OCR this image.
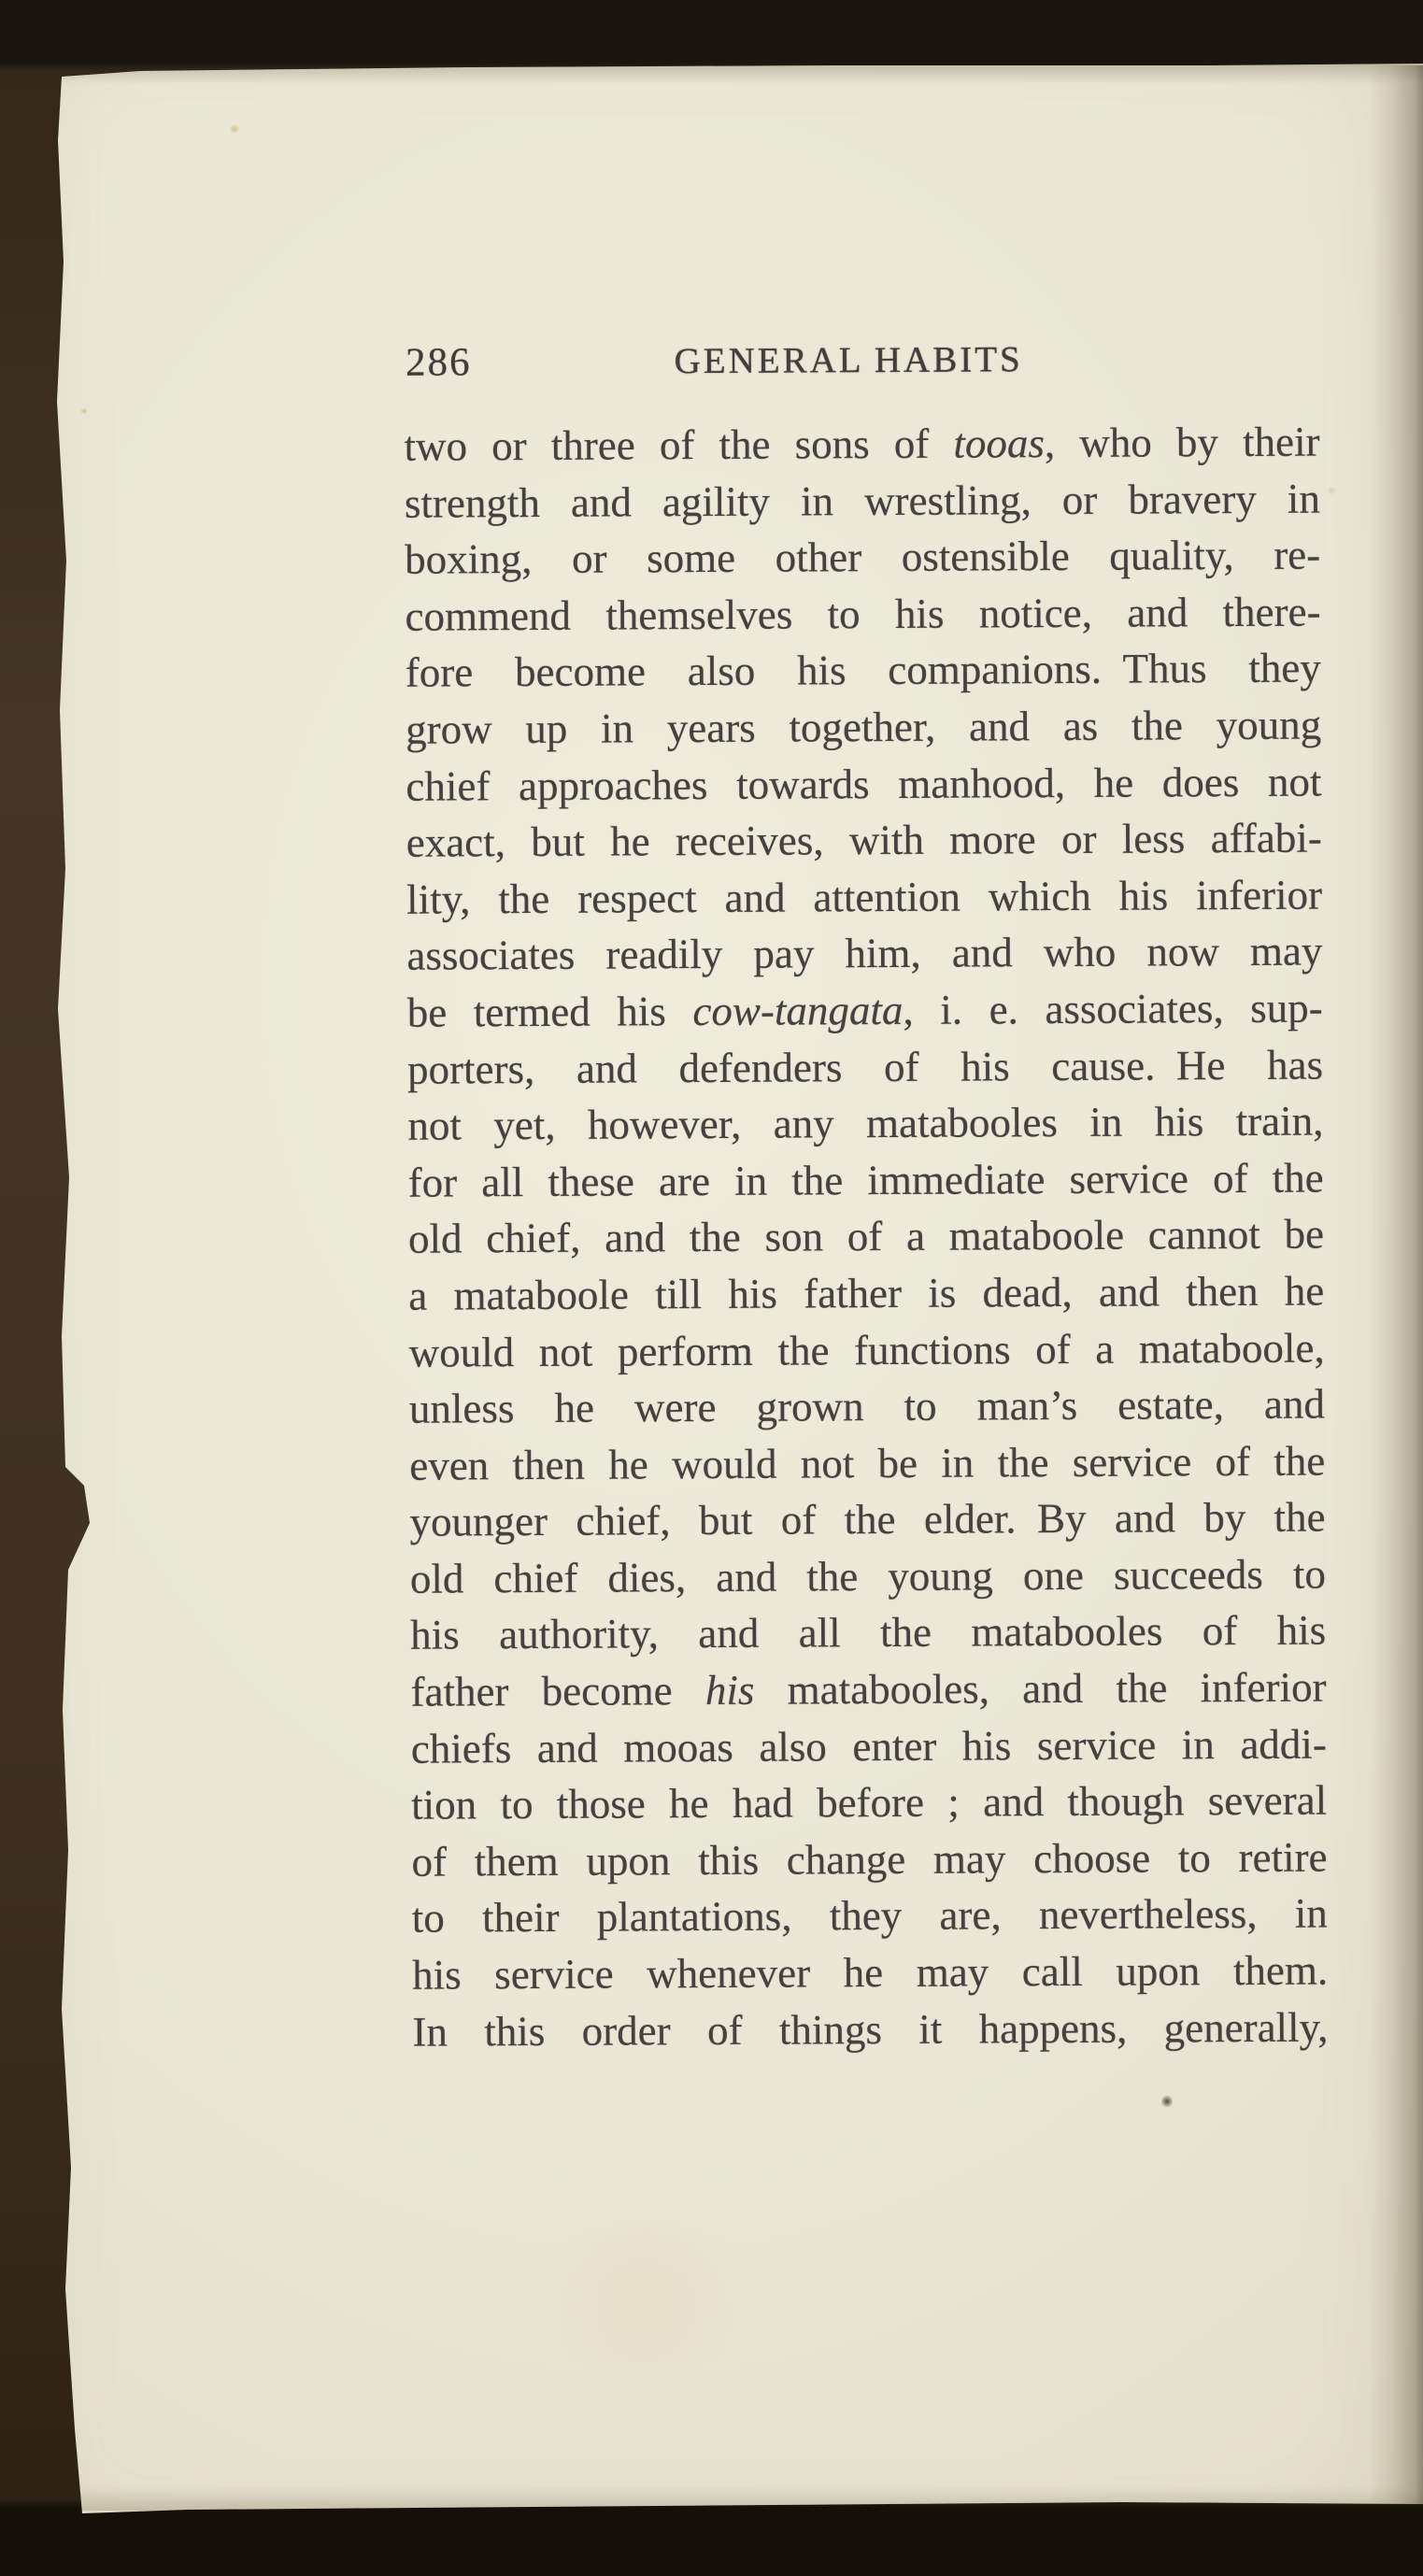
286	GENERAL HABITS
two or three of the sons of tooas, who by their
strength and agility in wrestling, or bravery in
boxing, or some other ostensible quality, re-
commend themselves to his notice, and there-
fore become also his companions. Thus they
grow up in years together, and as the young
chief approaches towards manhood, he does not
exact, but he receives, with more or less affabi-
lity, the respect and attention which his inferior
associates readily pay him, and who now may
be termed his cow-tangata, i. e. associates, sup-
porters, and defenders of his cause. He has
not yet, however, any matabooles in his train,
for all these are in the immediate service of the
old chief, and the son of a mataboole cannot be
a mataboole till his father is dead, and then he
would not perform the functions of a mataboole,
unless he were grown to man’s estate, and
even then he would not be in the service of the
younger chief, but of the elder. By and by the
old chief dies, and the young one succeeds to
his authority, and all the matabooles of his
father become his matabooles, and the inferior
chiefs and mooas also enter his service in addi-
tion to those he had before ; and though several
of them upon this change may choose to retire
to their plantations, they are, nevertheless, in
his service whenever he may call upon them.
In this order of things it happens, generally,
